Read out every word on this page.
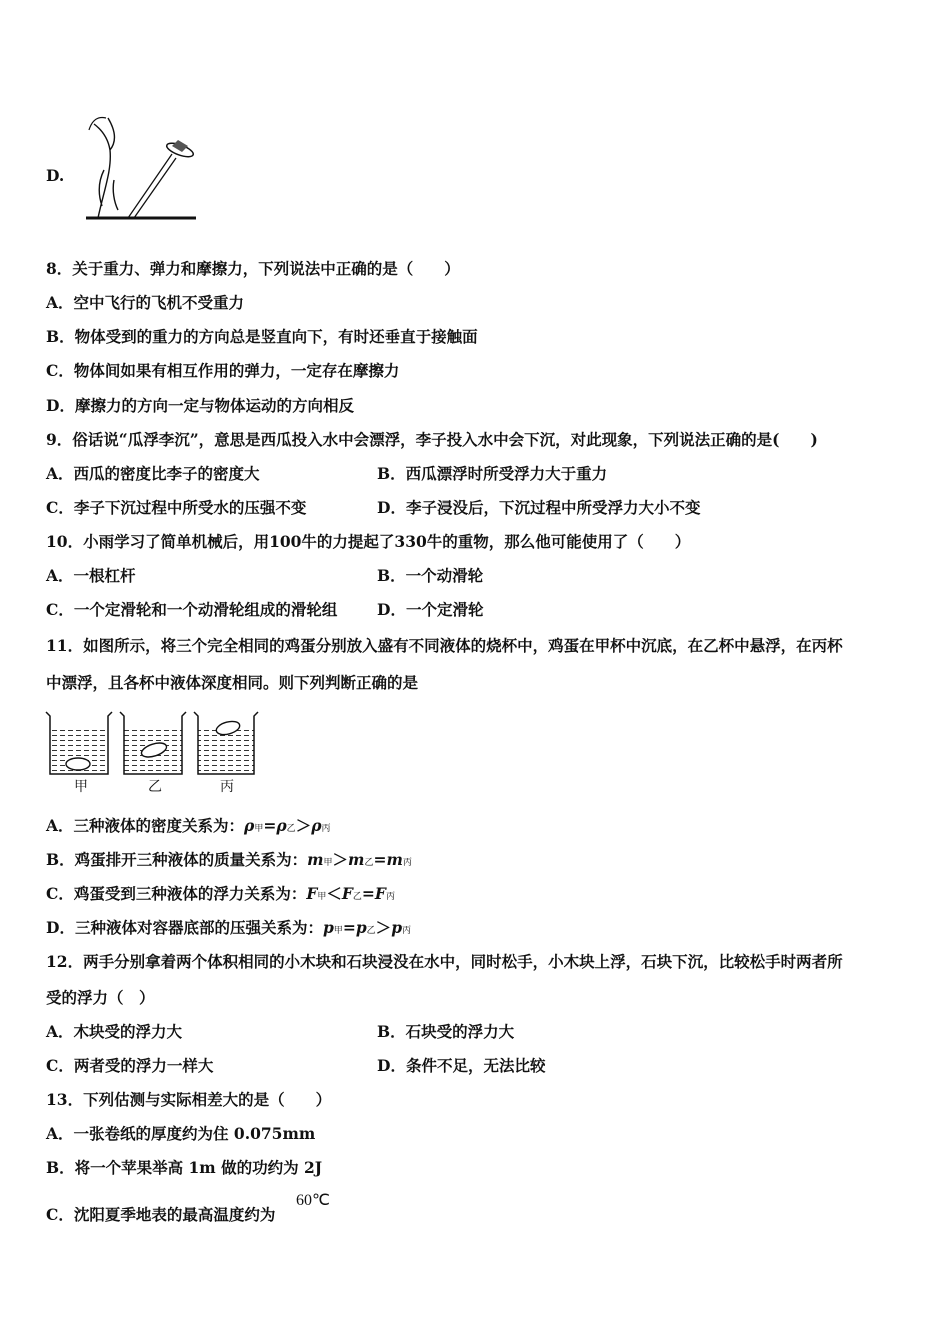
D.
8．关于重力、弹力和摩擦力，下列说法中正确的是（　　）
A．空中飞行的飞机不受重力
B．物体受到的重力的方向总是竖直向下，有时还垂直于接触面
C．物体间如果有相互作用的弹力，一定存在摩擦力
D．摩擦力的方向一定与物体运动的方向相反
9．俗话说“瓜浮李沉”，意思是西瓜投入水中会漂浮，李子投入水中会下沉，对此现象，下列说法正确的是(　　)
A．西瓜的密度比李子的密度大	B．西瓜漂浮时所受浮力大于重力
C．李子下沉过程中所受水的压强不变	D．李子浸没后，下沉过程中所受浮力大小不变
10．小雨学习了简单机械后，用100牛的力提起了330牛的重物，那么他可能使用了（　　）
A．一根杠杆	B．一个动滑轮
C．一个定滑轮和一个动滑轮组成的滑轮组	D．一个定滑轮
11．如图所示，将三个完全相同的鸡蛋分别放入盛有不同液体的烧杯中，鸡蛋在甲杯中沉底，在乙杯中悬浮，在丙杯
中漂浮，且各杯中液体深度相同。则下列判断正确的是
甲	乙	丙
A．三种液体的密度关系为：ρ甲=ρ乙＞ρ丙
B．鸡蛋排开三种液体的质量关系为：m甲＞m乙=m丙
C．鸡蛋受到三种液体的浮力关系为：F甲＜F乙=F丙
D．三种液体对容器底部的压强关系为：p甲=p乙＞p丙
12．两手分别拿着两个体积相同的小木块和石块浸没在水中，同时松手，小木块上浮，石块下沉，比较松手时两者所
受的浮力（　）
A．木块受的浮力大	B．石块受的浮力大
C．两者受的浮力一样大	D．条件不足，无法比较
13．下列估测与实际相差大的是（　　）
A．一张卷纸的厚度约为住 0.075mm
B．将一个苹果举高 1m 做的功约为 2J
C．沈阳夏季地表的最高温度约为
60℃
